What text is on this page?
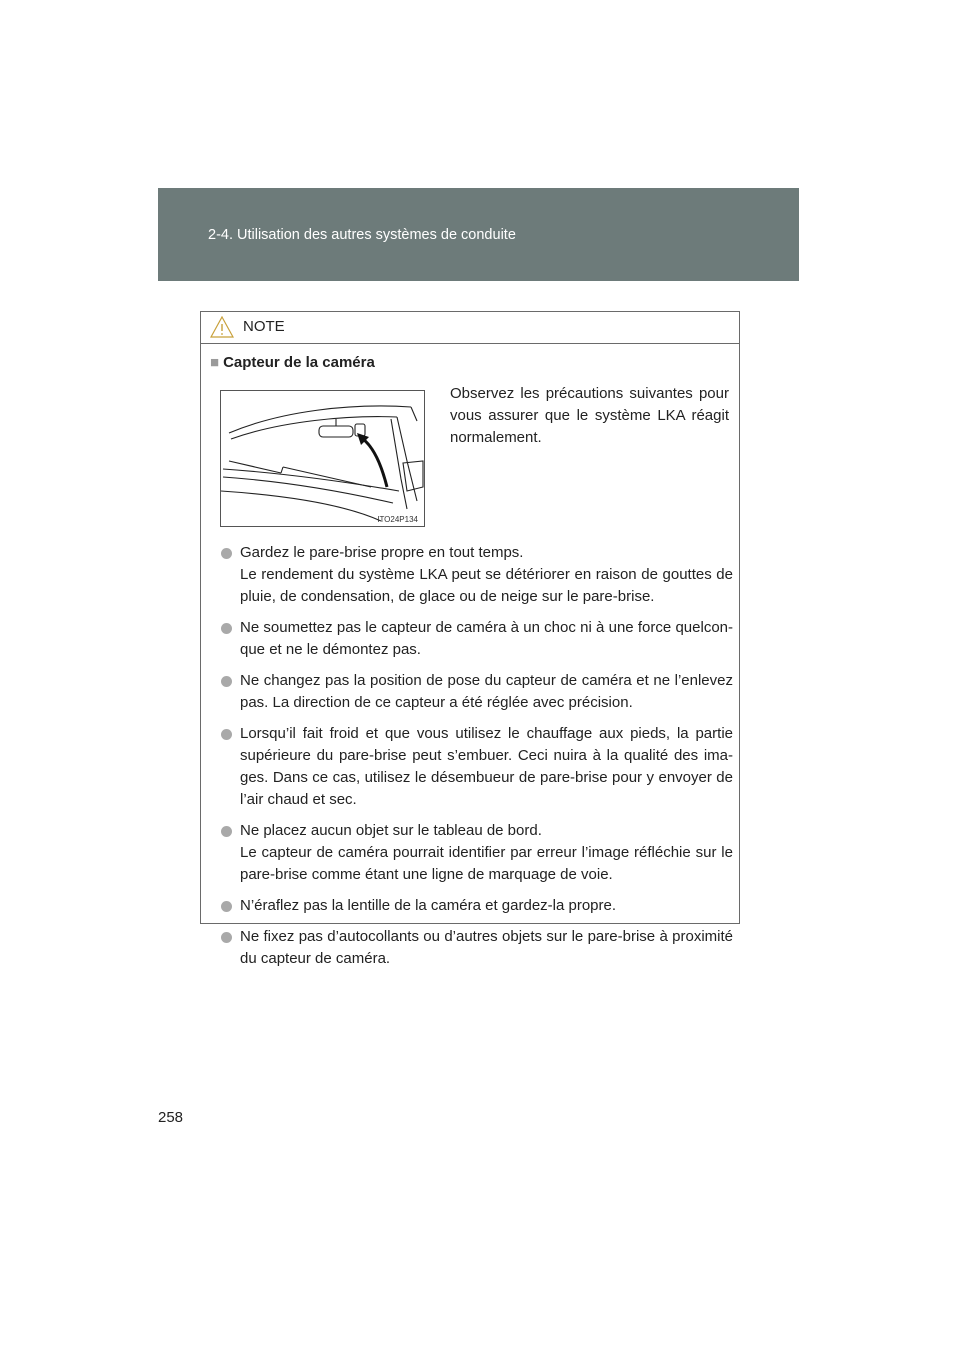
2-4. Utilisation des autres systèmes de conduite
NOTE
■ Capteur de la caméra
ITO24P134
Observez les précautions suivantes pour vous assurer que le système LKA réagit normalement.
Gardez le pare-brise propre en tout temps.
Le rendement du système LKA peut se détériorer en raison de gouttes de pluie, de condensation, de glace ou de neige sur le pare-brise.
Ne soumettez pas le capteur de caméra à un choc ni à une force quelcon-que et ne le démontez pas.
Ne changez pas la position de pose du capteur de caméra et ne l’enlevez pas. La direction de ce capteur a été réglée avec précision.
Lorsqu’il fait froid et que vous utilisez le chauffage aux pieds, la partie supérieure du pare-brise peut s’embuer. Ceci nuira à la qualité des ima-ges. Dans ce cas, utilisez le désembueur de pare-brise pour y envoyer de l’air chaud et sec.
Ne placez aucun objet sur le tableau de bord.
Le capteur de caméra pourrait identifier par erreur l’image réfléchie sur le pare-brise comme étant une ligne de marquage de voie.
N’éraflez pas la lentille de la caméra et gardez-la propre.
Ne fixez pas d’autocollants ou d’autres objets sur le pare-brise à proximité du capteur de caméra.
258
